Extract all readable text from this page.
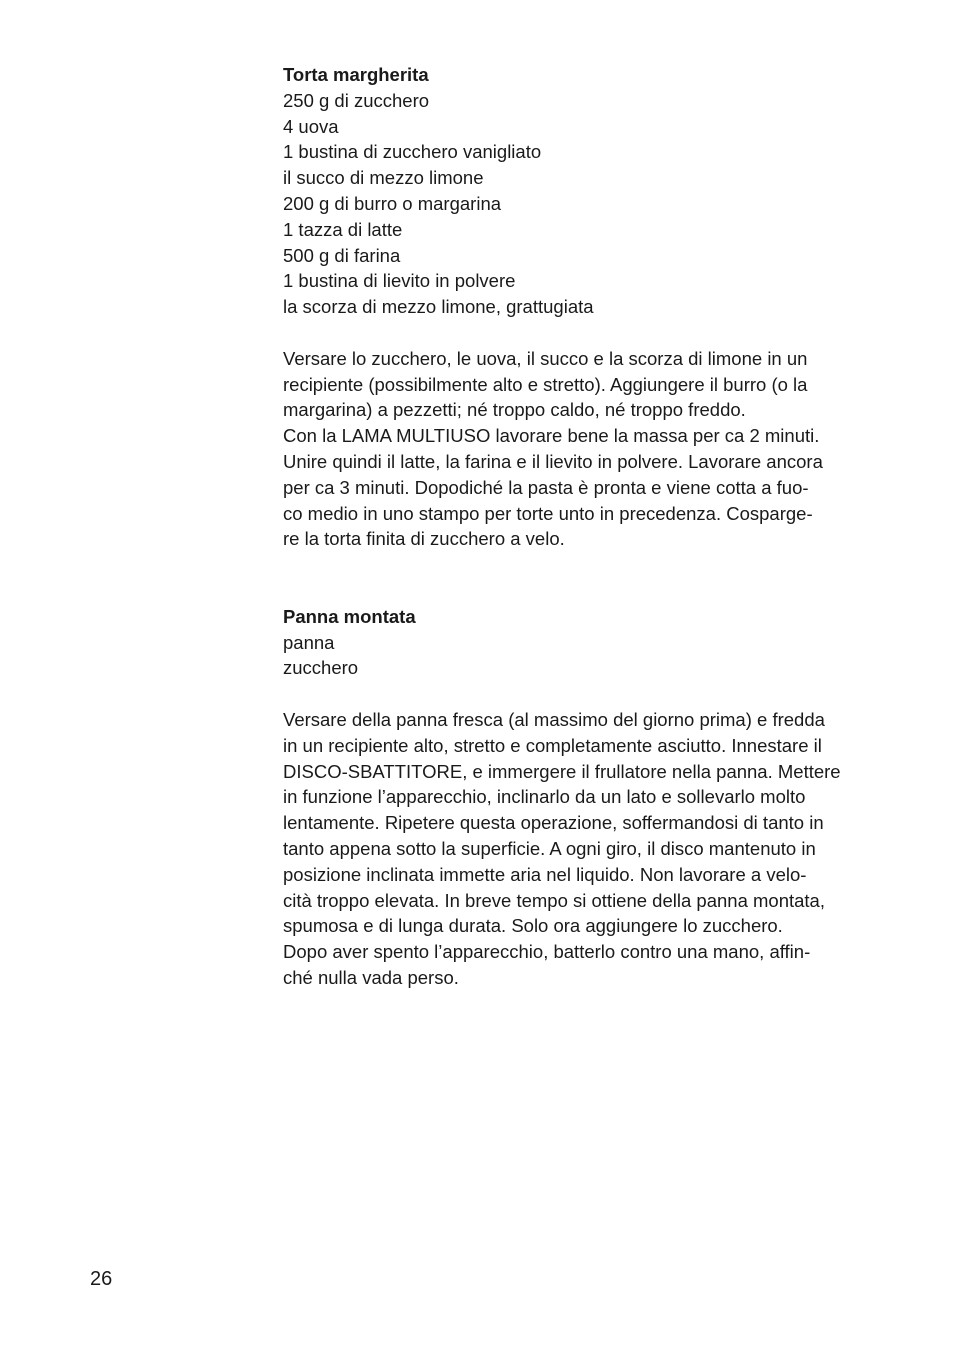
Torta margherita
250 g di zucchero
4 uova
1 bustina di zucchero vanigliato
il succo di mezzo limone
200 g di burro o margarina
1 tazza di latte
500 g di farina
1 bustina di lievito in polvere
la scorza di mezzo limone, grattugiata

Versare lo zucchero, le uova, il succo e la scorza di limone in un
recipiente (possibilmente alto e stretto). Aggiungere il burro (o la
margarina) a pezzetti; né troppo caldo, né troppo freddo.
Con la LAMA MULTIUSO lavorare bene la massa per ca 2 minuti.
Unire quindi il latte, la farina e il lievito in polvere. Lavorare ancora
per ca 3 minuti. Dopodiché la pasta è pronta e viene cotta a fuo-
co medio in uno stampo per torte unto in precedenza. Cosparge-
re la torta finita di zucchero a velo.

Panna montata
panna
zucchero

Versare della panna fresca (al massimo del giorno prima) e fredda
in un recipiente alto, stretto e completamente asciutto. Innestare il
DISCO-SBATTITORE, e immergere il frullatore nella panna. Mettere
in funzione l’apparecchio, inclinarlo da un lato e sollevarlo molto
lentamente. Ripetere questa operazione, soffermandosi di tanto in
tanto appena sotto la superficie. A ogni giro, il disco mantenuto in
posizione inclinata immette aria nel liquido. Non lavorare a velo-
cità troppo elevata. In breve tempo si ottiene della panna montata,
spumosa e di lunga durata. Solo ora aggiungere lo zucchero.
Dopo aver spento l’apparecchio, batterlo contro una mano, affin-
ché nulla vada perso.

26
